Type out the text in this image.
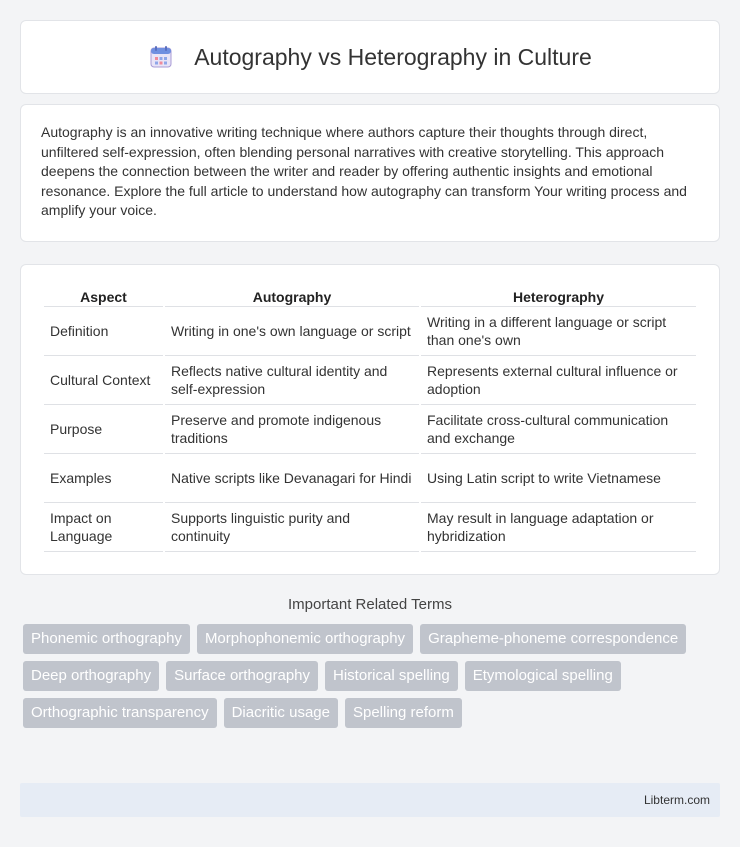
Autography vs Heterography in Culture

Autography is an innovative writing technique where authors capture their thoughts through direct, unfiltered self-expression, often blending personal narratives with creative storytelling. This approach deepens the connection between the writer and reader by offering authentic insights and emotional resonance. Explore the full article to understand how autography can transform Your writing process and amplify your voice.

Aspect	Autography	Heterography
Definition	Writing in one's own language or script	Writing in a different language or script than one's own
Cultural Context	Reflects native cultural identity and self-expression	Represents external cultural influence or adoption
Purpose	Preserve and promote indigenous traditions	Facilitate cross-cultural communication and exchange
Examples	Native scripts like Devanagari for Hindi	Using Latin script to write Vietnamese
Impact on Language	Supports linguistic purity and continuity	May result in language adaptation or hybridization
Important Related Terms
Phonemic orthography	Morphophonemic orthography	Grapheme-phoneme correspondence
Deep orthography	Surface orthography	Historical spelling	Etymological spelling
Orthographic transparency	Diacritic usage	Spelling reform
Libterm.com
